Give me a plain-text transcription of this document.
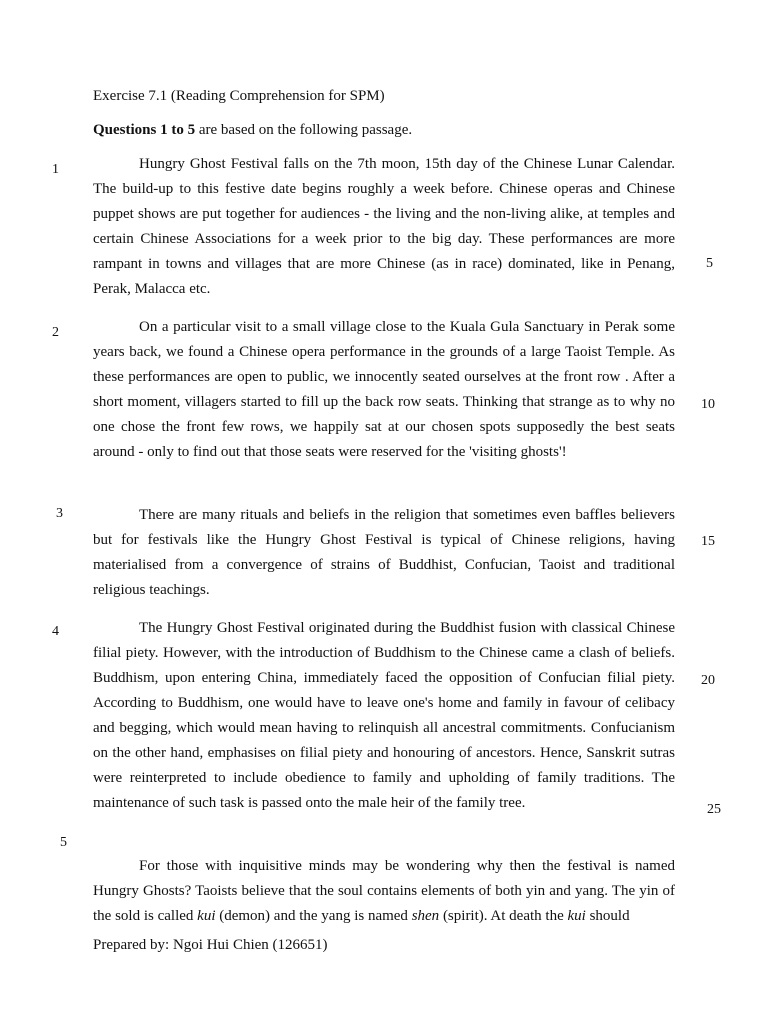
Exercise 7.1 (Reading Comprehension for SPM)
Questions 1 to 5 are based on the following passage.
1
2
3
4
5
5
10
15
20
25
Hungry Ghost Festival falls on the 7th moon, 15th day of the Chinese Lunar Calendar. The build-up to this festive date begins roughly a week before. Chinese operas and Chinese puppet shows are put together for audiences - the living and the non-living alike, at temples and certain Chinese Associations for a week prior to the big day. These performances are more rampant in towns and villages that are more Chinese (as in race) dominated, like in Penang, Perak, Malacca etc.
On a particular visit to a small village close to the Kuala Gula Sanctuary in Perak some years back, we found a Chinese opera performance in the grounds of a large Taoist Temple. As these performances are open to public, we innocently seated ourselves at the front row . After a short moment, villagers started to fill up the back row seats. Thinking that strange as to why no one chose the front few rows, we happily sat at our chosen spots supposedly the best seats around - only to find out that those seats were reserved for the 'visiting ghosts'!
There are many rituals and beliefs in the religion that sometimes even baffles believers but for festivals like the Hungry Ghost Festival is typical of Chinese religions, having materialised from a convergence of strains of Buddhist, Confucian, Taoist and traditional religious teachings.
The Hungry Ghost Festival originated during the Buddhist fusion with classical Chinese filial piety. However, with the introduction of Buddhism to the Chinese came a clash of beliefs. Buddhism, upon entering China, immediately faced the opposition of Confucian filial piety. According to Buddhism, one would have to leave one's home and family in favour of celibacy and begging, which would mean having to relinquish all ancestral commitments. Confucianism on the other hand, emphasises on filial piety and honouring of ancestors. Hence, Sanskrit sutras were reinterpreted to include obedience to family and upholding of family traditions. The maintenance of such task is passed onto the male heir of the family tree.
For those with inquisitive minds may be wondering why then the festival is named Hungry Ghosts? Taoists believe that the soul contains elements of both yin and yang. The yin of the sold is called kui (demon) and the yang is named shen (spirit). At death the kui should
Prepared by: Ngoi Hui Chien (126651)
